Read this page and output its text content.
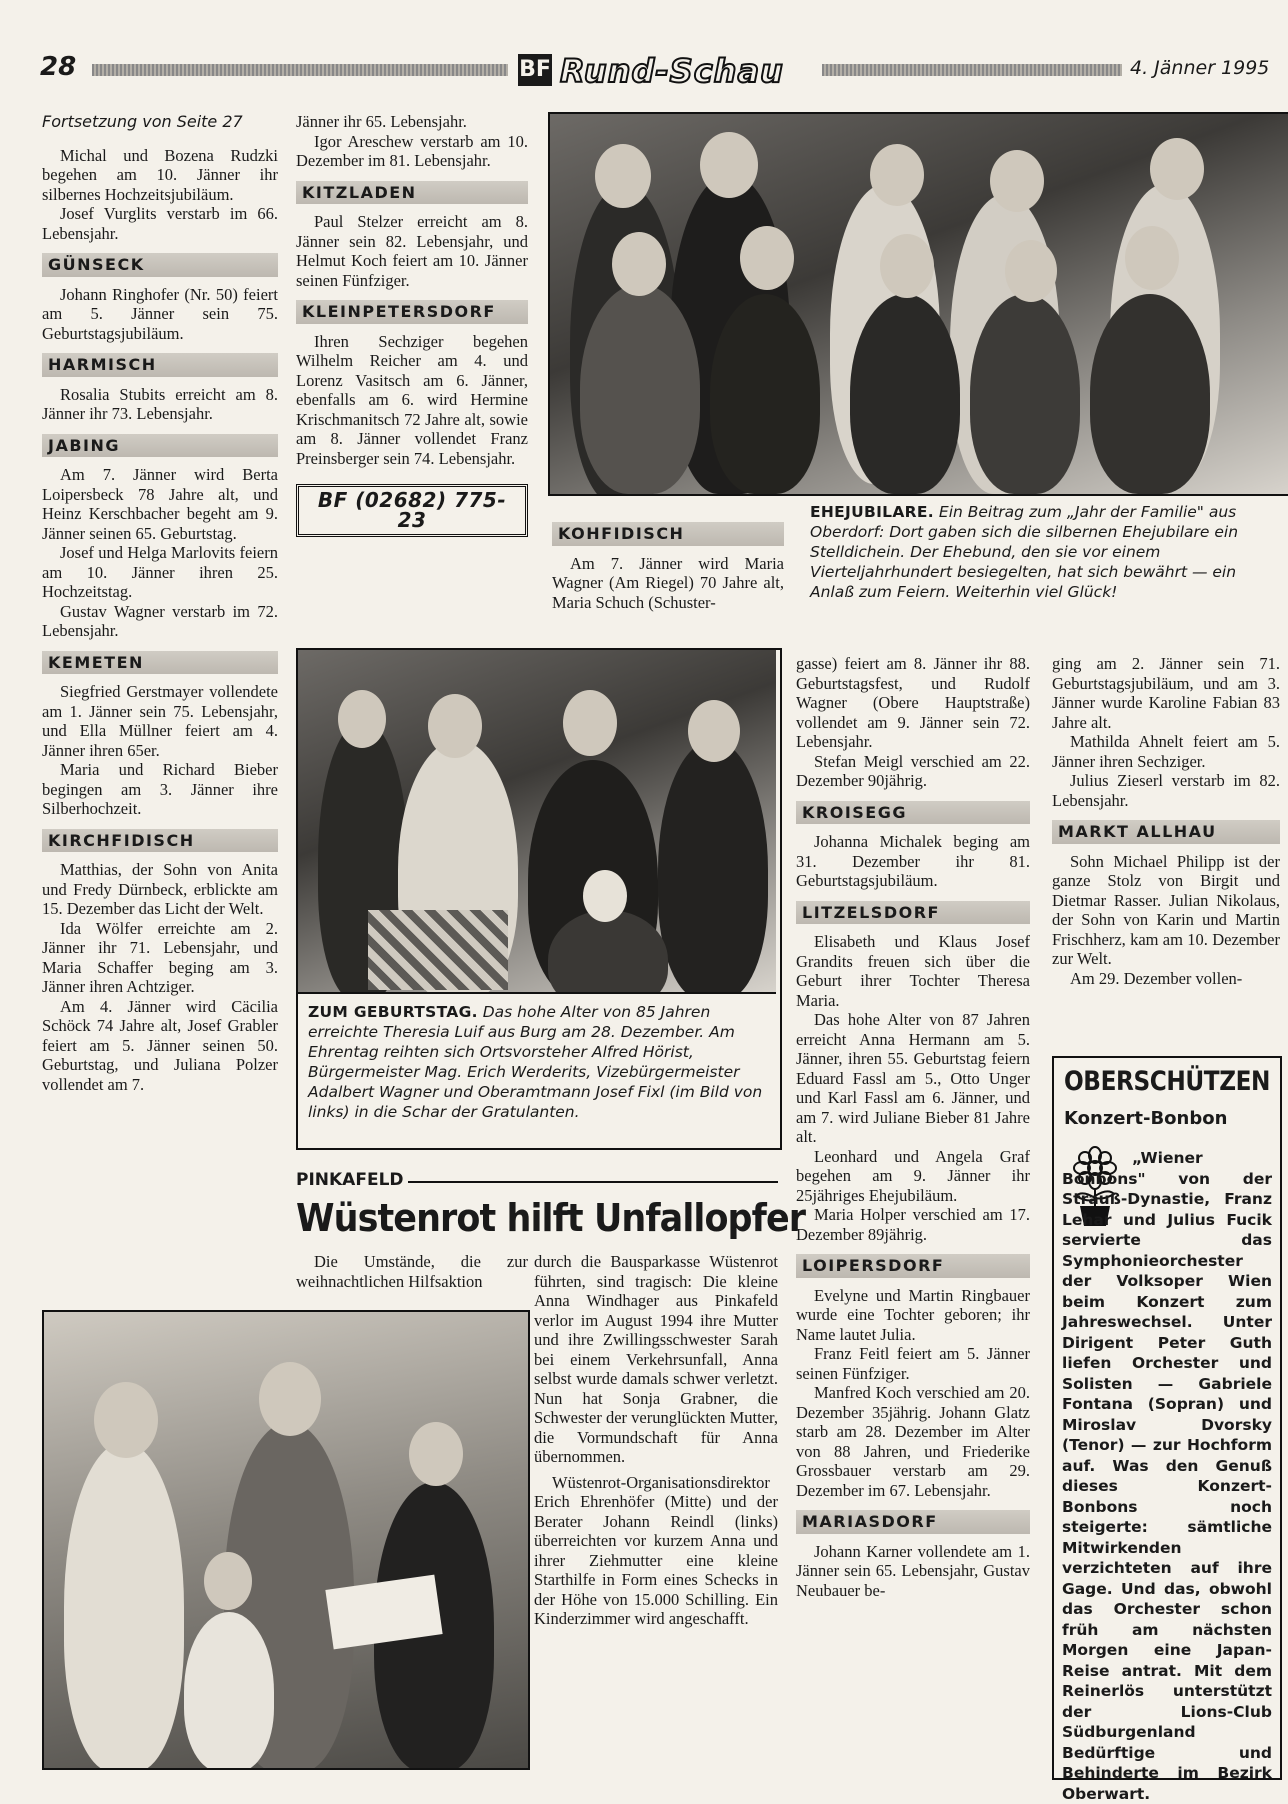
28	BF Rund-Schau	4. Jänner 1995

Fortsetzung von Seite 27

Michal und Bozena Rudzki begehen am 10. Jänner ihr silbernes Hochzeitsjubiläum.

Josef Vurglits verstarb im 66. Lebensjahr.

GÜNSECK

Johann Ringhofer (Nr. 50) feiert am 5. Jänner sein 75. Geburtstagsjubiläum.

HARMISCH

Rosalia Stubits erreicht am 8. Jänner ihr 73. Lebensjahr.

JABING

Am 7. Jänner wird Berta Loipersbeck 78 Jahre alt, und Heinz Kerschbacher begeht am 9. Jänner seinen 65. Geburtstag.

Josef und Helga Marlovits feiern am 10. Jänner ihren 25. Hochzeitstag.

Gustav Wagner verstarb im 72. Lebensjahr.

KEMETEN

Siegfried Gerstmayer vollendete am 1. Jänner sein 75. Lebensjahr, und Ella Müllner feiert am 4. Jänner ihren 65er.

Maria und Richard Bieber begingen am 3. Jänner ihre Silberhochzeit.

KIRCHFIDISCH

Matthias, der Sohn von Anita und Fredy Dürnbeck, erblickte am 15. Dezember das Licht der Welt.

Ida Wölfer erreichte am 2. Jänner ihr 71. Lebensjahr, und Maria Schaffer beging am 3. Jänner ihren Achtziger.

Am 4. Jänner wird Cäcilia Schöck 74 Jahre alt, Josef Grabler feiert am 5. Jänner seinen 50. Geburtstag, und Juliana Polzer vollendet am 7.

Jänner ihr 65. Lebensjahr.

Igor Areschew verstarb am 10. Dezember im 81. Lebensjahr.

KITZLADEN

Paul Stelzer erreicht am 8. Jänner sein 82. Lebensjahr, und Helmut Koch feiert am 10. Jänner seinen Fünfziger.

KLEINPETERSDORF

Ihren Sechziger begehen Wilhelm Reicher am 4. und Lorenz Vasitsch am 6. Jänner, ebenfalls am 6. wird Hermine Krischmanitsch 72 Jahre alt, sowie am 8. Jänner vollendet Franz Preinsberger sein 74. Lebensjahr.

BF (02682) 775-23	EHEJUBILARE. Ein Beitrag zum „Jahr der Familie" aus Oberdorf: Dort gaben sich die silbernen Ehejubilare ein Stelldichein. Der Ehebund, den sie vor einem Vierteljahrhundert besiegelten, hat sich bewährt — ein Anlaß zum Feiern. Weiterhin viel Glück!
KOHFIDISCH

Am 7. Jänner wird Maria Wagner (Am Riegel) 70 Jahre alt, Maria Schuch (Schuster-

ZUM GEBURTSTAG. Das hohe Alter von 85 Jahren erreichte Theresia Luif aus Burg am 28. Dezember. Am Ehrentag reihten sich Ortsvorsteher Alfred Hörist, Bürgermeister Mag. Erich Werderits, Vizebürgermeister Adalbert Wagner und Oberamtmann Josef Fixl (im Bild von links) in die Schar der Gratulanten.
PINKAFELD
Wüstenrot hilft Unfallopfer

Die Umstände, die zur weihnachtlichen Hilfsaktion

durch die Bausparkasse Wüstenrot führten, sind tragisch: Die kleine Anna Windhager aus Pinkafeld verlor im August 1994 ihre Mutter und ihre Zwillingsschwester Sarah bei einem Verkehrsunfall, Anna selbst wurde damals schwer verletzt. Nun hat Sonja Grabner, die Schwester der verunglückten Mutter, die Vormundschaft für Anna übernommen.

Wüstenrot-Organisationsdirektor Erich Ehrenhöfer (Mitte) und der Berater Johann Reindl (links) überreichten vor kurzem Anna und ihrer Ziehmutter eine kleine Starthilfe in Form eines Schecks in der Höhe von 15.000 Schilling. Ein Kinderzimmer wird angeschafft.

gasse) feiert am 8. Jänner ihr 88. Geburtstagsfest, und Rudolf Wagner (Obere Hauptstraße) vollendet am 9. Jänner sein 72. Lebensjahr.

Stefan Meigl verschied am 22. Dezember 90jährig.

KROISEGG

Johanna Michalek beging am 31. Dezember ihr 81. Geburtstagsjubiläum.

LITZELSDORF

Elisabeth und Klaus Josef Grandits freuen sich über die Geburt ihrer Tochter Theresa Maria.

Das hohe Alter von 87 Jahren erreicht Anna Hermann am 5. Jänner, ihren 55. Geburtstag feiern Eduard Fassl am 5., Otto Unger und Karl Fassl am 6. Jänner, und am 7. wird Juliane Bieber 81 Jahre alt.

Leonhard und Angela Graf begehen am 9. Jänner ihr 25jähriges Ehejubiläum.

Maria Holper verschied am 17. Dezember 89jährig.

LOIPERSDORF

Evelyne und Martin Ringbauer wurde eine Tochter geboren; ihr Name lautet Julia.

Franz Feitl feiert am 5. Jänner seinen Fünfziger.

Manfred Koch verschied am 20. Dezember 35jährig. Johann Glatz starb am 28. Dezember im Alter von 88 Jahren, und Friederike Grossbauer verstarb am 29. Dezember im 67. Lebensjahr.

MARIASDORF

Johann Karner vollendete am 1. Jänner sein 65. Lebensjahr, Gustav Neubauer be-

ging am 2. Jänner sein 71. Geburtstagsjubiläum, und am 3. Jänner wurde Karoline Fabian 83 Jahre alt.

Mathilda Ahnelt feiert am 5. Jänner ihren Sechziger.

Julius Zieserl verstarb im 82. Lebensjahr.

MARKT ALLHAU

Sohn Michael Philipp ist der ganze Stolz von Birgit und Dietmar Rasser. Julian Nikolaus, der Sohn von Karin und Martin Frischherz, kam am 10. Dezember zur Welt.

Am 29. Dezember vollen-

OBERSCHÜTZEN
Konzert-Bonbon
„Wiener Bonbons" von der Strauß-Dynastie, Franz Lehar und Julius Fucik servierte das Symphonieorchester der Volksoper Wien beim Konzert zum Jahreswechsel. Unter Dirigent Peter Guth liefen Orchester und Solisten — Gabriele Fontana (Sopran) und Miroslav Dvorsky (Tenor) — zur Hochform auf. Was den Genuß dieses Konzert-Bonbons noch steigerte: sämtliche Mitwirkenden verzichteten auf ihre Gage. Und das, obwohl das Orchester schon früh am nächsten Morgen eine Japan-Reise antrat. Mit dem Reinerlös unterstützt der Lions-Club Südburgenland Bedürftige und Behinderte im Bezirk Oberwart.
